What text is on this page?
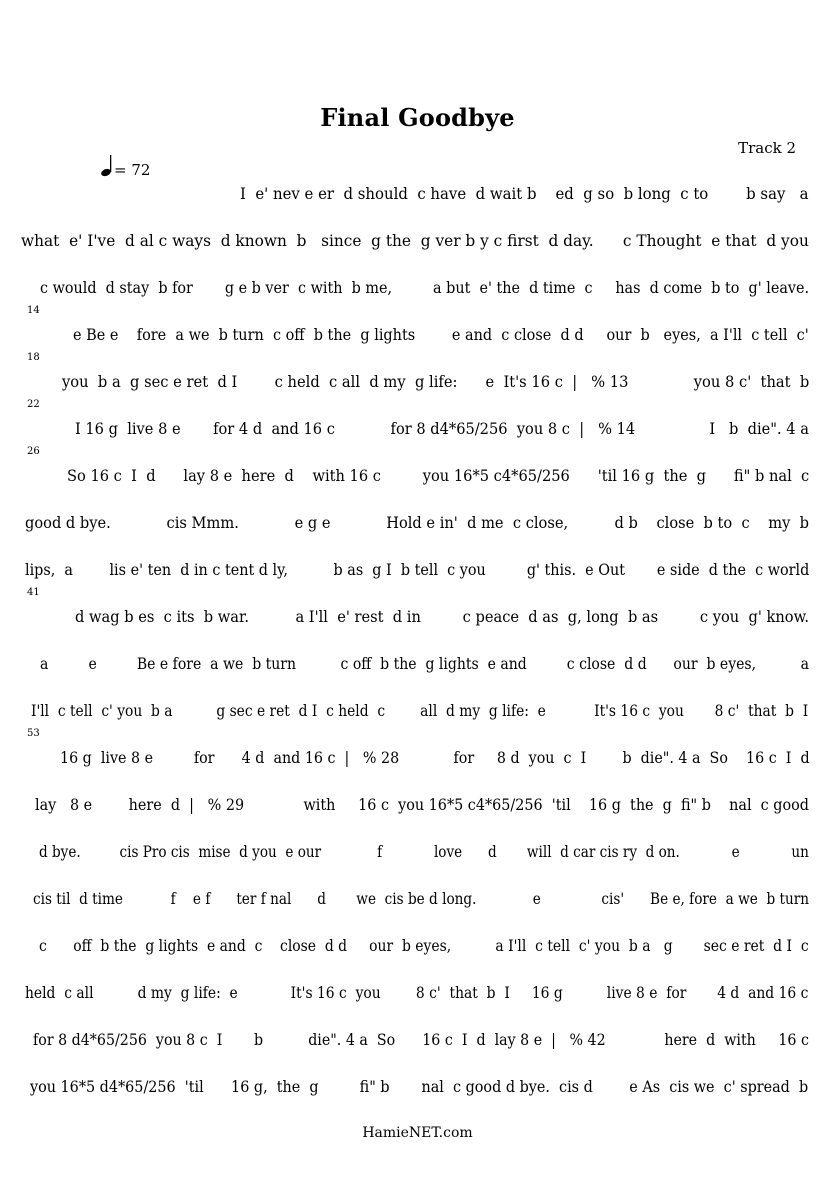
Final Goodbye
Track 2
= 72
I  e' nev e er  d should  c have  d wait b    ed  g so  b long  c to        b say   a
what  e' I've  d al c ways  d known  b   since  g the  g ver b y c first  d day.      c Thought  e that  d you
c would  d stay  b for       g e b ver  c with  b me,         a but  e' the  d time  c     has  d come  b to  g' leave.
14
e Be e    fore  a we  b turn  c off  b the  g lights        e and  c close  d d     our  b   eyes,  a I'll  c tell  c'
18
you  b a  g sec e ret  d I        c held  c all  d my  g life:      e  It's 16 c  |   % 13              you 8 c'  that  b
22
I 16 g  live 8 e       for 4 d  and 16 c            for 8 d4*65/256  you 8 c  |   % 14                I   b  die". 4 a
26
So 16 c  I  d      lay 8 e  here  d    with 16 c         you 16*5 c4*65/256      'til 16 g  the  g      fi" b nal  c
good d bye.            cis Mmm.            e g e            Hold e in'  d me  c close,          d b    close  b to  c    my  b
lips,  a        lis e' ten  d in c tent d ly,          b as  g I  b tell  c you         g' this.  e Out       e side  d the  c world
41
d wag b es  c its  b war.          a I'll  e' rest  d in         c peace  d as  g, long  b as         c you  g' know.
a         e         Be e fore  a we  b turn          c off  b the  g lights  e and         c close  d d      our  b eyes,          a
I'll  c tell  c' you  b a          g sec e ret  d I  c held  c        all  d my  g life:  e           It's 16 c  you       8 c'  that  b  I
53
16 g  live 8 e         for      4 d  and 16 c  |   % 28            for     8 d  you  c  I        b  die". 4 a  So    16 c  I  d
lay   8 e        here  d  |   % 29             with     16 c  you 16*5 c4*65/256  'til    16 g  the  g  fi" b    nal  c good
d bye.         cis Pro cis  mise  d you  e our             f            love      d       will  d car cis ry  d on.            e            un
cis til  d time           f    e f      ter f nal      d       we  cis be d long.             e              cis'      Be e, fore  a we  b turn
c      off  b the  g lights  e and  c    close  d d     our  b eyes,          a I'll  c tell  c' you  b a   g       sec e ret  d I  c
held  c all          d my  g life:  e            It's 16 c  you        8 c'  that  b  I     16 g          live 8 e  for       4 d  and 16 c
for 8 d4*65/256  you 8 c  I       b          die". 4 a  So      16 c  I  d  lay 8 e  |   % 42             here  d  with     16 c
you 16*5 d4*65/256  'til      16 g,  the  g         fi" b       nal  c good d bye.  cis d        e As  cis we  c' spread  b
HamieNET.com
